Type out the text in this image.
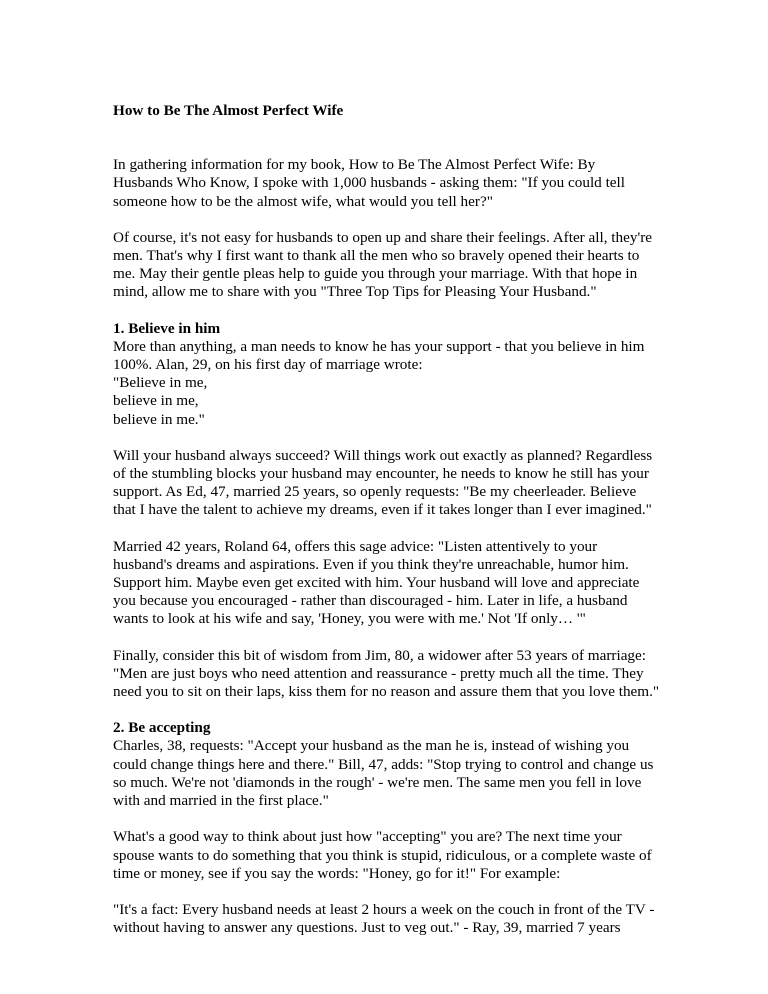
How to Be The Almost Perfect Wife
In gathering information for my book, How to Be The Almost Perfect Wife: By
Husbands Who Know, I spoke with 1,000 husbands - asking them: "If you could tell
someone how to be the almost wife, what would you tell her?"
Of course, it's not easy for husbands to open up and share their feelings. After all, they're
men. That's why I first want to thank all the men who so bravely opened their hearts to
me. May their gentle pleas help to guide you through your marriage. With that hope in
mind, allow me to share with you "Three Top Tips for Pleasing Your Husband."
1. Believe in him
More than anything, a man needs to know he has your support - that you believe in him
100%. Alan, 29, on his first day of marriage wrote:
"Believe in me,
believe in me,
believe in me."
Will your husband always succeed? Will things work out exactly as planned? Regardless
of the stumbling blocks your husband may encounter, he needs to know he still has your
support. As Ed, 47, married 25 years, so openly requests: "Be my cheerleader. Believe
that I have the talent to achieve my dreams, even if it takes longer than I ever imagined."
Married 42 years, Roland 64, offers this sage advice: "Listen attentively to your
husband's dreams and aspirations. Even if you think they're unreachable, humor him.
Support him. Maybe even get excited with him. Your husband will love and appreciate
you because you encouraged - rather than discouraged - him. Later in life, a husband
wants to look at his wife and say, 'Honey, you were with me.' Not 'If only… '"
Finally, consider this bit of wisdom from Jim, 80, a widower after 53 years of marriage:
"Men are just boys who need attention and reassurance - pretty much all the time. They
need you to sit on their laps, kiss them for no reason and assure them that you love them."
2. Be accepting
Charles, 38, requests: "Accept your husband as the man he is, instead of wishing you
could change things here and there." Bill, 47, adds: "Stop trying to control and change us
so much. We're not 'diamonds in the rough' - we're men. The same men you fell in love
with and married in the first place."
What's a good way to think about just how "accepting" you are? The next time your
spouse wants to do something that you think is stupid, ridiculous, or a complete waste of
time or money, see if you say the words: "Honey, go for it!" For example:
"It's a fact: Every husband needs at least 2 hours a week on the couch in front of the TV -
without having to answer any questions. Just to veg out." - Ray, 39, married 7 years
